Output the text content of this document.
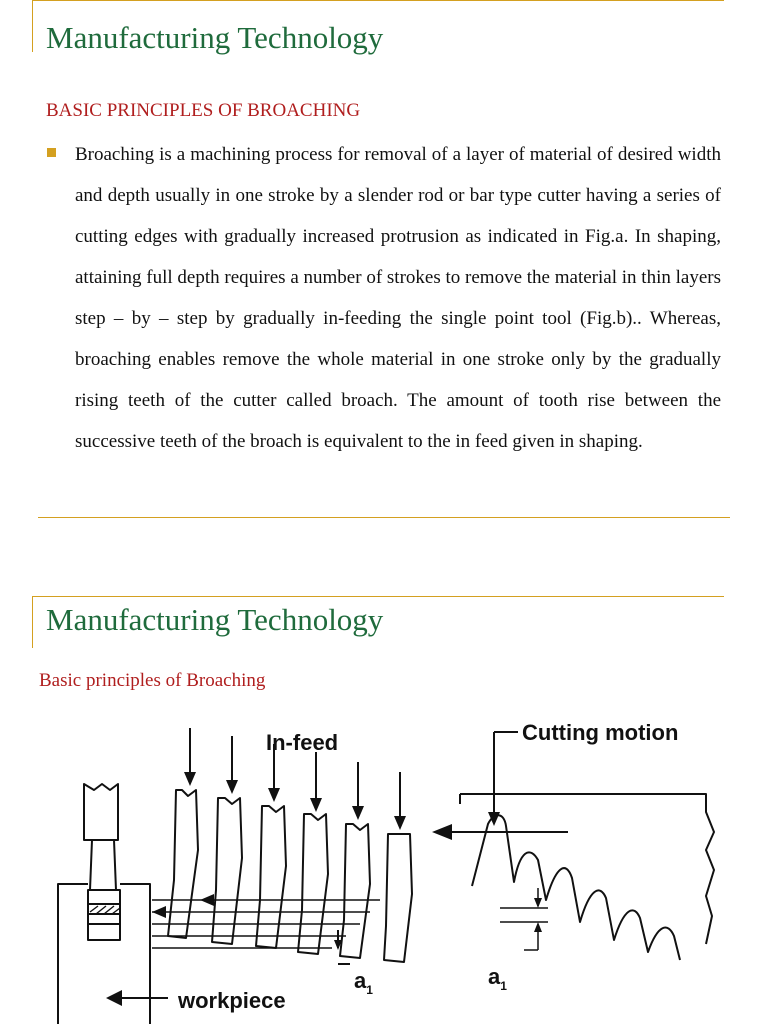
Manufacturing Technology
BASIC PRINCIPLES OF BROACHING
Broaching is a machining process for removal of a layer of material of desired width and depth usually in one stroke by a slender rod or bar type cutter having a series of cutting edges with gradually increased protrusion as indicated in Fig.a. In shaping, attaining full depth requires a number of strokes to remove the material in thin layers step – by – step by gradually in-feeding the single point tool (Fig.b).. Whereas, broaching enables remove the whole material in one stroke only by the gradually rising teeth of the cutter called broach. The amount of tooth rise between the successive teeth of the broach is equivalent to the in feed given in shaping.
Manufacturing Technology
Basic principles of Broaching
In-feed	Cutting motion
workpiece
$a_1$
$a_1$
